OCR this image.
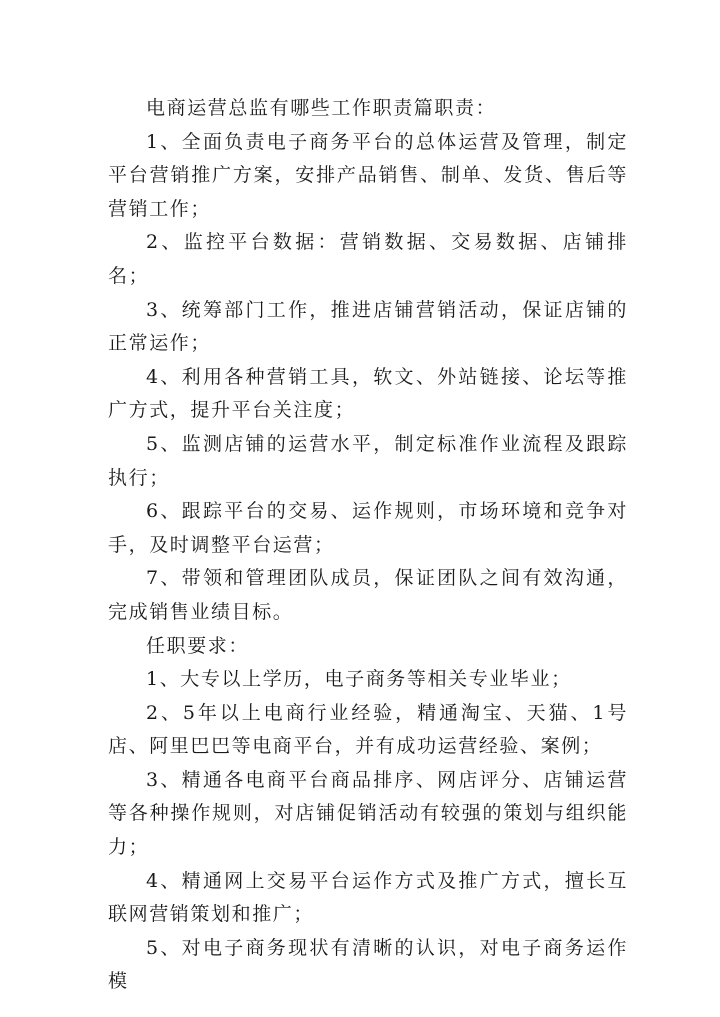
电商运营总监有哪些工作职责篇职责：

1、全面负责电子商务平台的总体运营及管理，制定平台营销推广方案，安排产品销售、制单、发货、售后等营销工作；

2、监控平台数据：营销数据、交易数据、店铺排名；

3、统筹部门工作，推进店铺营销活动，保证店铺的正常运作；

4、利用各种营销工具，软文、外站链接、论坛等推广方式，提升平台关注度；

5、监测店铺的运营水平，制定标准作业流程及跟踪执行；

6、跟踪平台的交易、运作规则，市场环境和竞争对手，及时调整平台运营；

7、带领和管理团队成员，保证团队之间有效沟通，完成销售业绩目标。

任职要求：

1、大专以上学历，电子商务等相关专业毕业；

2、5年以上电商行业经验，精通淘宝、天猫、1号店、阿里巴巴等电商平台，并有成功运营经验、案例；

3、精通各电商平台商品排序、网店评分、店铺运营等各种操作规则，对店铺促销活动有较强的策划与组织能力；

4、精通网上交易平台运作方式及推广方式，擅长互联网营销策划和推广；

5、对电子商务现状有清晰的认识，对电子商务运作模
